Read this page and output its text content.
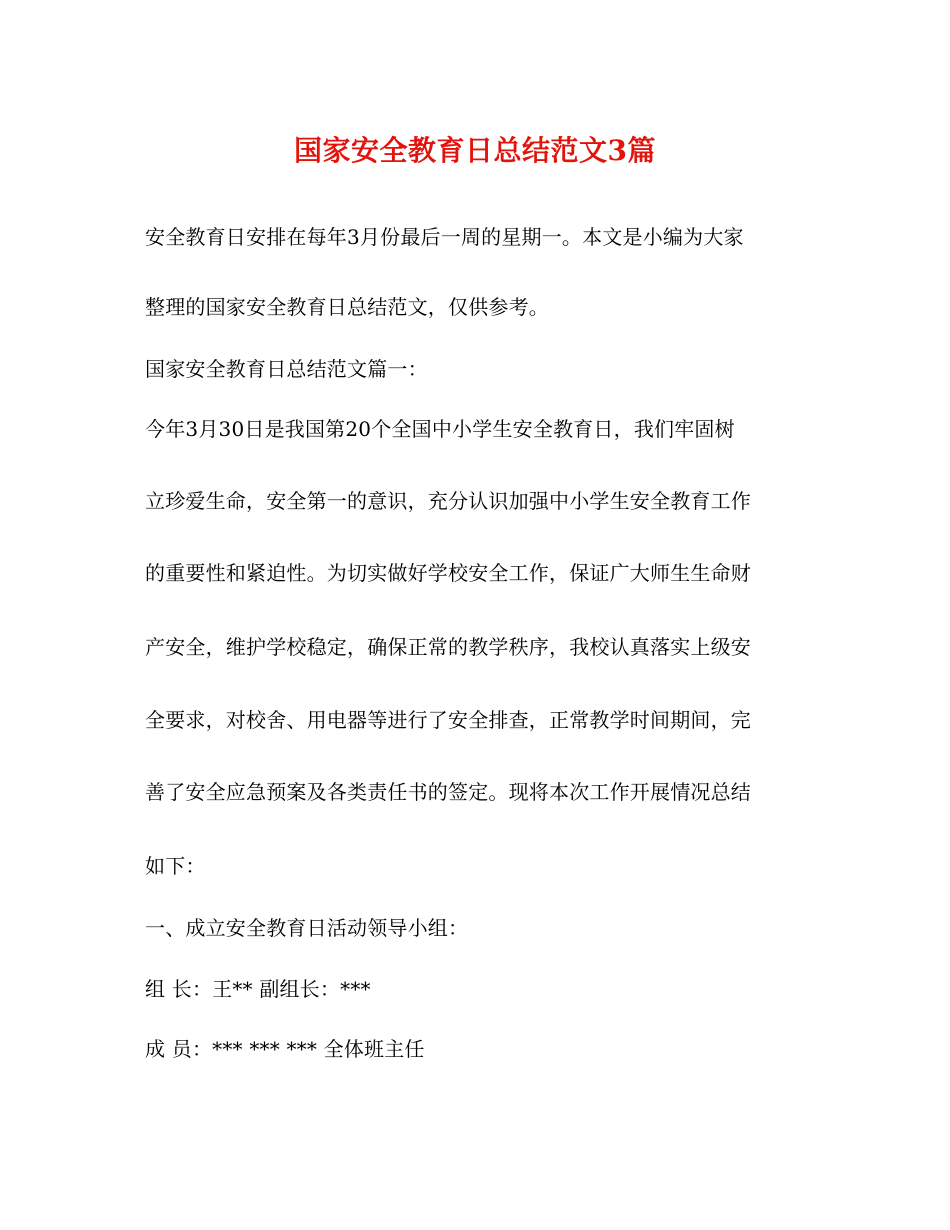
国家安全教育日总结范文3篇
安全教育日安排在每年3月份最后一周的星期一。本文是小编为大家
整理的国家安全教育日总结范文，仅供参考。
国家安全教育日总结范文篇一：
今年3月30日是我国第20个全国中小学生安全教育日，我们牢固树
立珍爱生命，安全第一的意识，充分认识加强中小学生安全教育工作
的重要性和紧迫性。为切实做好学校安全工作，保证广大师生生命财
产安全，维护学校稳定，确保正常的教学秩序，我校认真落实上级安
全要求，对校舍、用电器等进行了安全排查，正常教学时间期间，完
善了安全应急预案及各类责任书的签定。现将本次工作开展情况总结
如下：
一、成立安全教育日活动领导小组：
组 长：王** 副组长：***
成 员：*** *** *** 全体班主任
